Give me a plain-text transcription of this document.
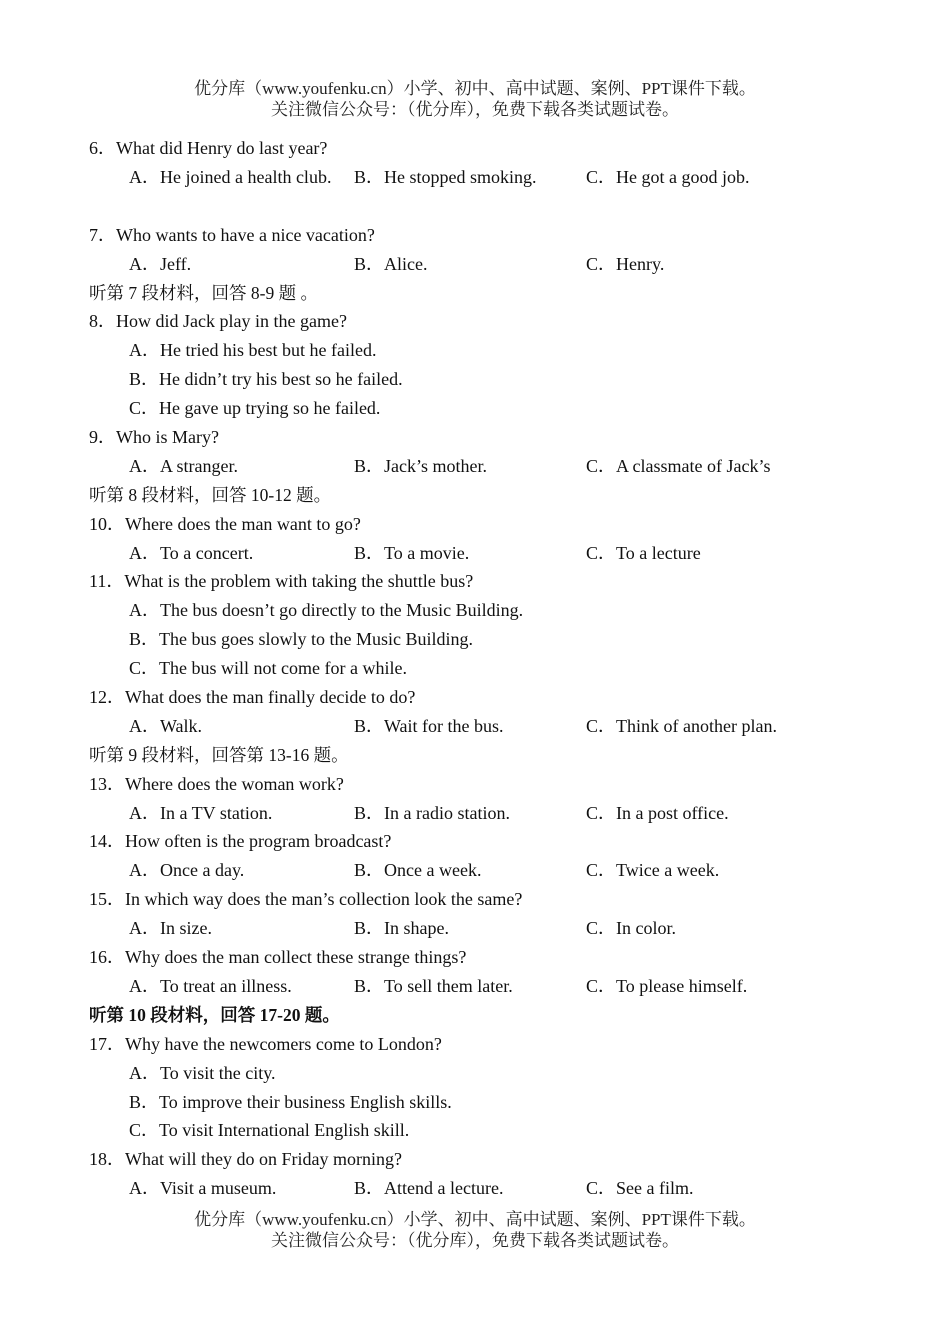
优分库（www.youfenku.cn）小学、初中、高中试题、案例、PPT课件下载。
关注微信公众号：（优分库），免费下载各类试题试卷。
6．What did Henry do last year?
A．He joined a health club. B．He stopped smoking.	C．He got a good job.
7．Who wants to have a nice vacation?
A．Jeff.	B．Alice.	C．Henry.
听第 7 段材料，回答 8-9 题 。
8．How did Jack play in the game?
A．He tried his best but he failed.
B．He didn’t try his best so he failed.
C．He gave up trying so he failed.
9．Who is Mary?
A．A stranger.	B．Jack’s mother.	C．A classmate of Jack’s
听第 8 段材料，回答 10-12 题。
10．Where does the man want to go?
A．To a concert.	B．To a movie.	C．To a lecture
11．What is the problem with taking the shuttle bus?
A．The bus doesn’t go directly to the Music Building.
B．The bus goes slowly to the Music Building.
C．The bus will not come for a while.
12．What does the man finally decide to do?
A．Walk.	B．Wait for the bus.	C．Think of another plan.
听第 9 段材料，回答第 13-16 题。
13．Where does the woman work?
A．In a TV station.	B．In a radio station.	C．In a post office.
14．How often is the program broadcast?
A．Once a day.	B．Once a week.	C．Twice a week.
15．In which way does the man’s collection look the same?
A．In size.	B．In shape.	C．In color.
16．Why does the man collect these strange things?
A．To treat an illness.	B．To sell them later.	C．To please himself.
听第 10 段材料，回答 17-20 题。
17．Why have the newcomers come to London?
A．To visit the city.
B．To improve their business English skills.
C．To visit International English skill.
18．What will they do on Friday morning?
A．Visit a museum.	B．Attend a lecture.	C．See a film.
优分库（www.youfenku.cn）小学、初中、高中试题、案例、PPT课件下载。
关注微信公众号：（优分库），免费下载各类试题试卷。
